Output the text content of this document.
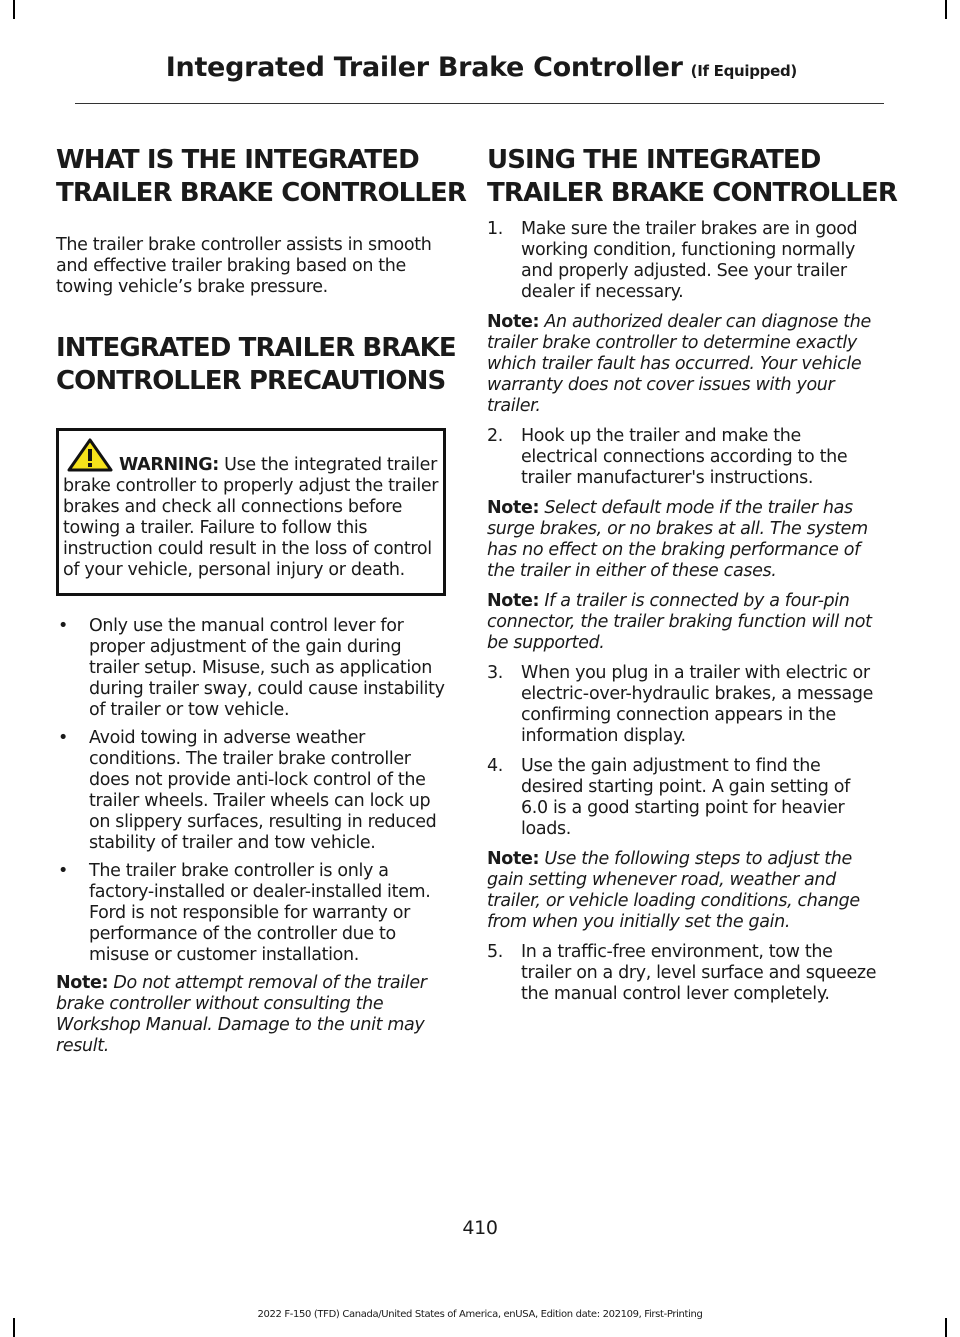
Integrated Trailer Brake Controller (If Equipped)
WHAT IS THE INTEGRATED
TRAILER BRAKE CONTROLLER

The trailer brake controller assists in smooth and effective trailer braking based on the towing vehicle’s brake pressure.

INTEGRATED TRAILER BRAKE
CONTROLLER PRECAUTIONS

WARNING: Use the integrated trailer brake controller to properly adjust the trailer brakes and check all connections before towing a trailer. Failure to follow this instruction could result in the loss of control of your vehicle, personal injury or death.

• Only use the manual control lever for proper adjustment of the gain during trailer setup. Misuse, such as application during trailer sway, could cause instability of trailer or tow vehicle.
• Avoid towing in adverse weather conditions. The trailer brake controller does not provide anti-lock control of the trailer wheels. Trailer wheels can lock up on slippery surfaces, resulting in reduced stability of trailer and tow vehicle.
• The trailer brake controller is only a factory-installed or dealer-installed item. Ford is not responsible for warranty or performance of the controller due to misuse or customer installation.

Note: Do not attempt removal of the trailer brake controller without consulting the Workshop Manual. Damage to the unit may result.

USING THE INTEGRATED
TRAILER BRAKE CONTROLLER
1. Make sure the trailer brakes are in good working condition, functioning normally and properly adjusted. See your trailer dealer if necessary.

Note: An authorized dealer can diagnose the trailer brake controller to determine exactly which trailer fault has occurred. Your vehicle warranty does not cover issues with your trailer.

2. Hook up the trailer and make the electrical connections according to the trailer manufacturer's instructions.

Note: Select default mode if the trailer has surge brakes, or no brakes at all. The system has no effect on the braking performance of the trailer in either of these cases.

Note: If a trailer is connected by a four-pin connector, the trailer braking function will not be supported.

3. When you plug in a trailer with electric or electric-over-hydraulic brakes, a message confirming connection appears in the information display.
4. Use the gain adjustment to find the desired starting point. A gain setting of 6.0 is a good starting point for heavier loads.

Note: Use the following steps to adjust the gain setting whenever road, weather and trailer, or vehicle loading conditions, change from when you initially set the gain.

5. In a traffic-free environment, tow the trailer on a dry, level surface and squeeze the manual control lever completely.

410

2022 F-150 (TFD) Canada/United States of America, enUSA, Edition date: 202109, First-Printing
